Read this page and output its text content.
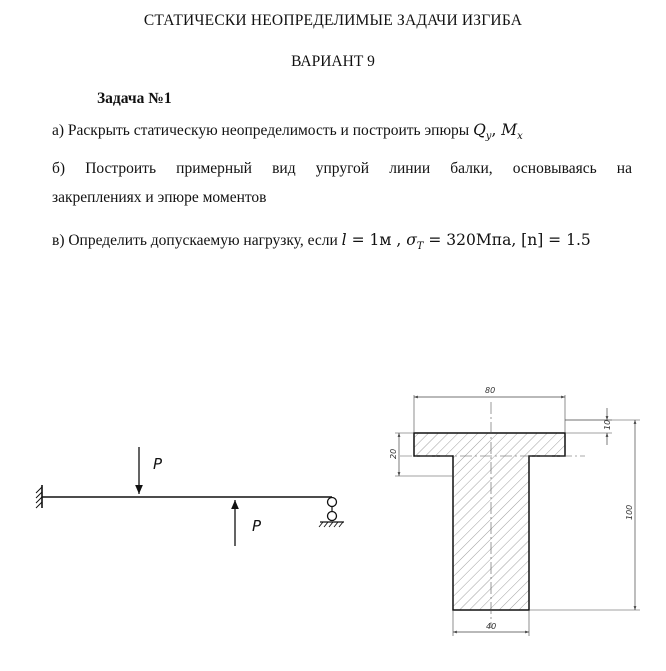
СТАТИЧЕСКИ НЕОПРЕДЕЛИМЫЕ ЗАДАЧИ ИЗГИБА
ВАРИАНТ 9
Задача №1
а) Раскрыть статическую неопределимость и построить эпюры $Q_y$, $M_x$
б) Построить примерный вид упругой линии балки, основываясь на
закреплениях и эпюре моментов
в) Определить допускаемую нагрузку, если l = 1м , $\sigma_T = 320Мпа$, [n] = 1.5
P
P
80
10
20
100
40
